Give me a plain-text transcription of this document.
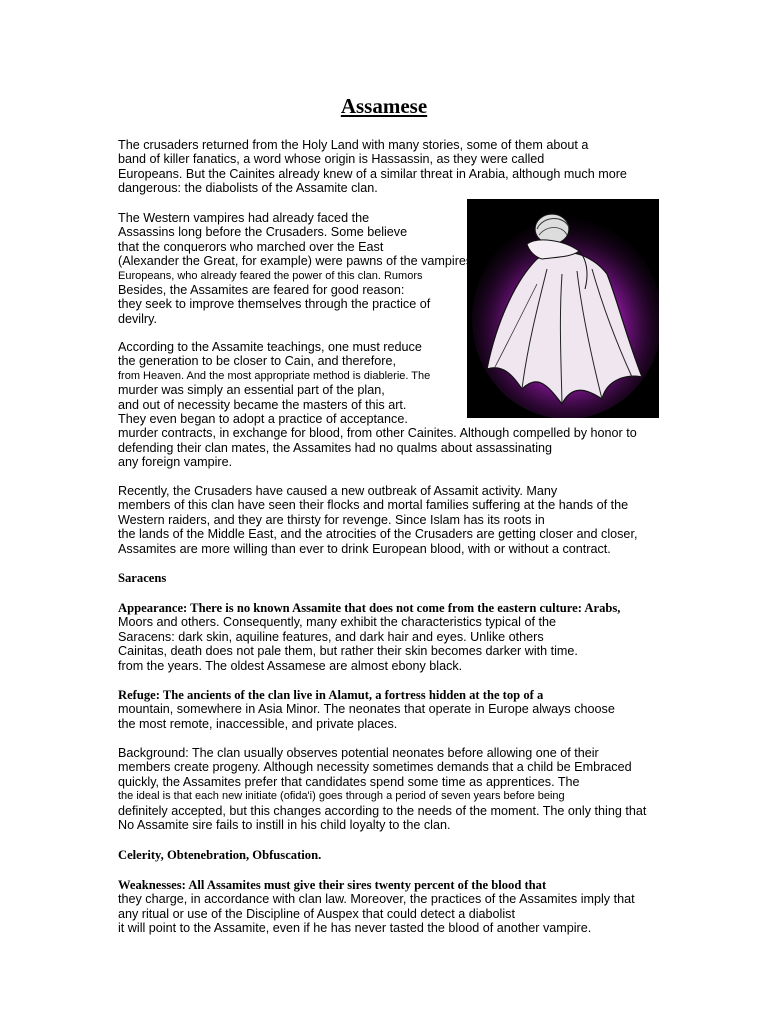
Assamese
The crusaders returned from the Holy Land with many stories, some of them about a
band of killer fanatics, a word whose origin is Hassassin, as they were called
Europeans. But the Cainites already knew of a similar threat in Arabia, although much more
dangerous: the diabolists of the Assamite clan.
The Western vampires had already faced the
Assassins long before the Crusaders. Some believe
that the conquerors who marched over the East
(Alexander the Great, for example) were pawns of the vampires
Europeans, who already feared the power of this clan. Rumors
Besides, the Assamites are feared for good reason:
they seek to improve themselves through the practice of
devilry.
According to the Assamite teachings, one must reduce
the generation to be closer to Cain, and therefore,
from Heaven. And the most appropriate method is diablerie. The
murder was simply an essential part of the plan,
and out of necessity became the masters of this art.
They even began to adopt a practice of acceptance.
murder contracts, in exchange for blood, from other Cainites. Although compelled by honor to
defending their clan mates, the Assamites had no qualms about assassinating
any foreign vampire.
Recently, the Crusaders have caused a new outbreak of Assamit activity. Many
members of this clan have seen their flocks and mortal families suffering at the hands of the
Western raiders, and they are thirsty for revenge. Since Islam has its roots in
the lands of the Middle East, and the atrocities of the Crusaders are getting closer and closer,
Assamites are more willing than ever to drink European blood, with or without a contract.
Saracens
Appearance: There is no known Assamite that does not come from the eastern culture: Arabs,
Moors and others. Consequently, many exhibit the characteristics typical of the
Saracens: dark skin, aquiline features, and dark hair and eyes. Unlike others
Cainitas, death does not pale them, but rather their skin becomes darker with time.
from the years. The oldest Assamese are almost ebony black.
Refuge: The ancients of the clan live in Alamut, a fortress hidden at the top of a
mountain, somewhere in Asia Minor. The neonates that operate in Europe always choose
the most remote, inaccessible, and private places.
Background: The clan usually observes potential neonates before allowing one of their
members create progeny. Although necessity sometimes demands that a child be Embraced
quickly, the Assamites prefer that candidates spend some time as apprentices. The
the ideal is that each new initiate (ofida'i) goes through a period of seven years before being
definitely accepted, but this changes according to the needs of the moment. The only thing that
No Assamite sire fails to instill in his child loyalty to the clan.
Celerity, Obtenebration, Obfuscation.
Weaknesses: All Assamites must give their sires twenty percent of the blood that
they charge, in accordance with clan law. Moreover, the practices of the Assamites imply that
any ritual or use of the Discipline of Auspex that could detect a diabolist
it will point to the Assamite, even if he has never tasted the blood of another vampire.
